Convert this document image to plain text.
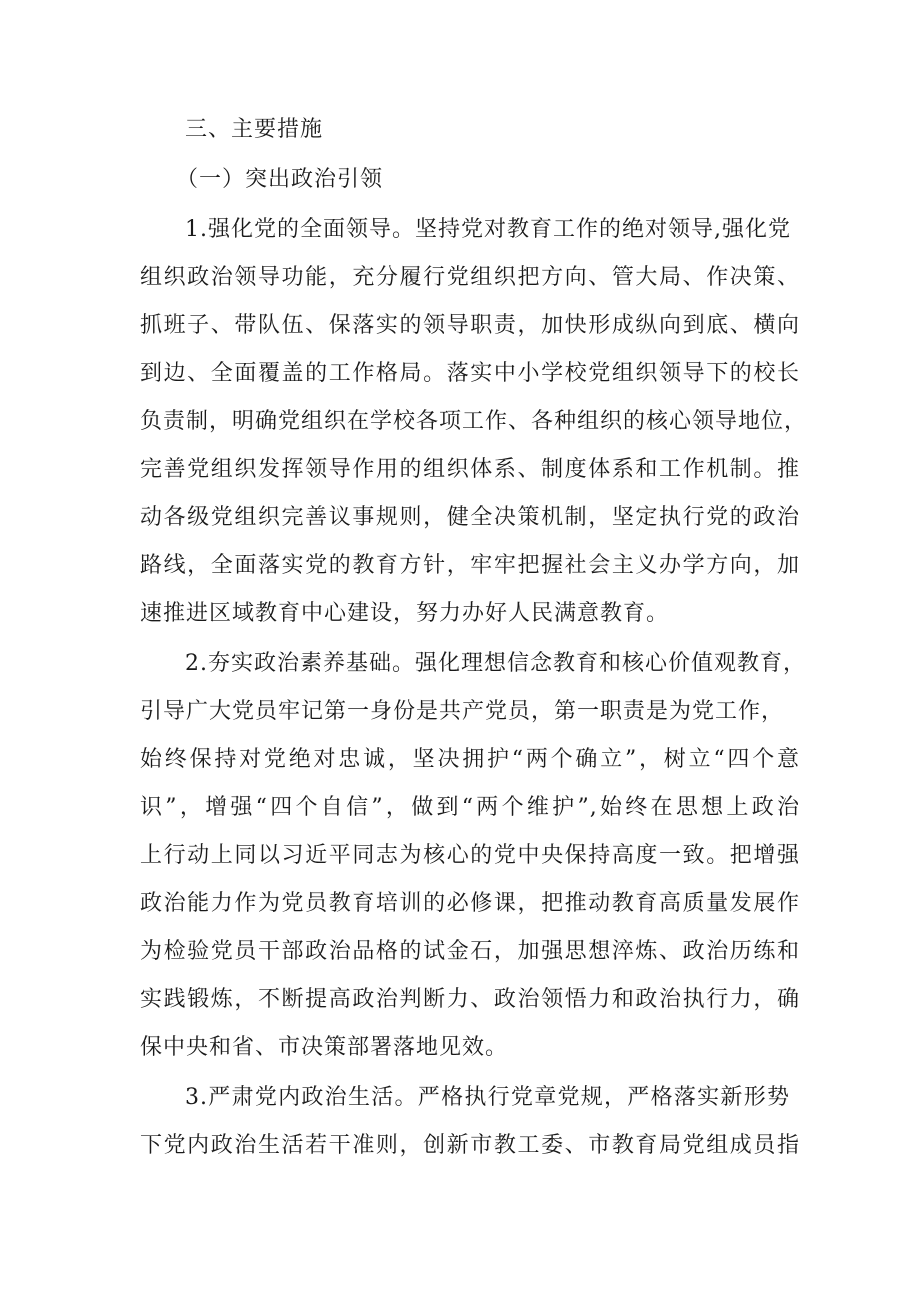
三、主要措施
（一）突出政治引领
1.强化党的全面领导。坚持党对教育工作的绝对领导,强化党
组织政治领导功能，充分履行党组织把方向、管大局、作决策、
抓班子、带队伍、保落实的领导职责，加快形成纵向到底、横向
到边、全面覆盖的工作格局。落实中小学校党组织领导下的校长
负责制，明确党组织在学校各项工作、各种组织的核心领导地位，
完善党组织发挥领导作用的组织体系、制度体系和工作机制。推
动各级党组织完善议事规则，健全决策机制，坚定执行党的政治
路线，全面落实党的教育方针，牢牢把握社会主义办学方向，加
速推进区域教育中心建设，努力办好人民满意教育。
2.夯实政治素养基础。强化理想信念教育和核心价值观教育，
引导广大党员牢记第一身份是共产党员，第一职责是为党工作，
始终保持对党绝对忠诚，坚决拥护“两个确立”，树立“四个意
识”，增强“四个自信”，做到“两个维护”,始终在思想上政治
上行动上同以习近平同志为核心的党中央保持高度一致。把增强
政治能力作为党员教育培训的必修课，把推动教育高质量发展作
为检验党员干部政治品格的试金石，加强思想淬炼、政治历练和
实践锻炼，不断提高政治判断力、政治领悟力和政治执行力，确
保中央和省、市决策部署落地见效。
3.严肃党内政治生活。严格执行党章党规，严格落实新形势
下党内政治生活若干准则，创新市教工委、市教育局党组成员指
